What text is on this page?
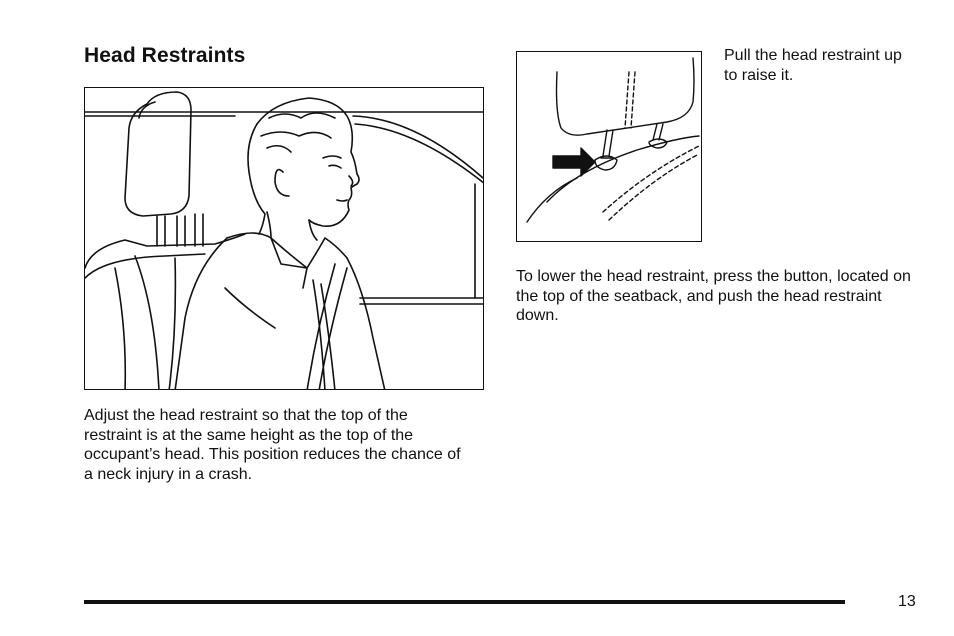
Head Restraints	Pull the head restraint up to raise it.

Adjust the head restraint so that the top of the restraint is at the same height as the top of the occupant’s head. This position reduces the chance of a neck injury in a crash.

To lower the head restraint, press the button, located on the top of the seatback, and push the head restraint down.

13
